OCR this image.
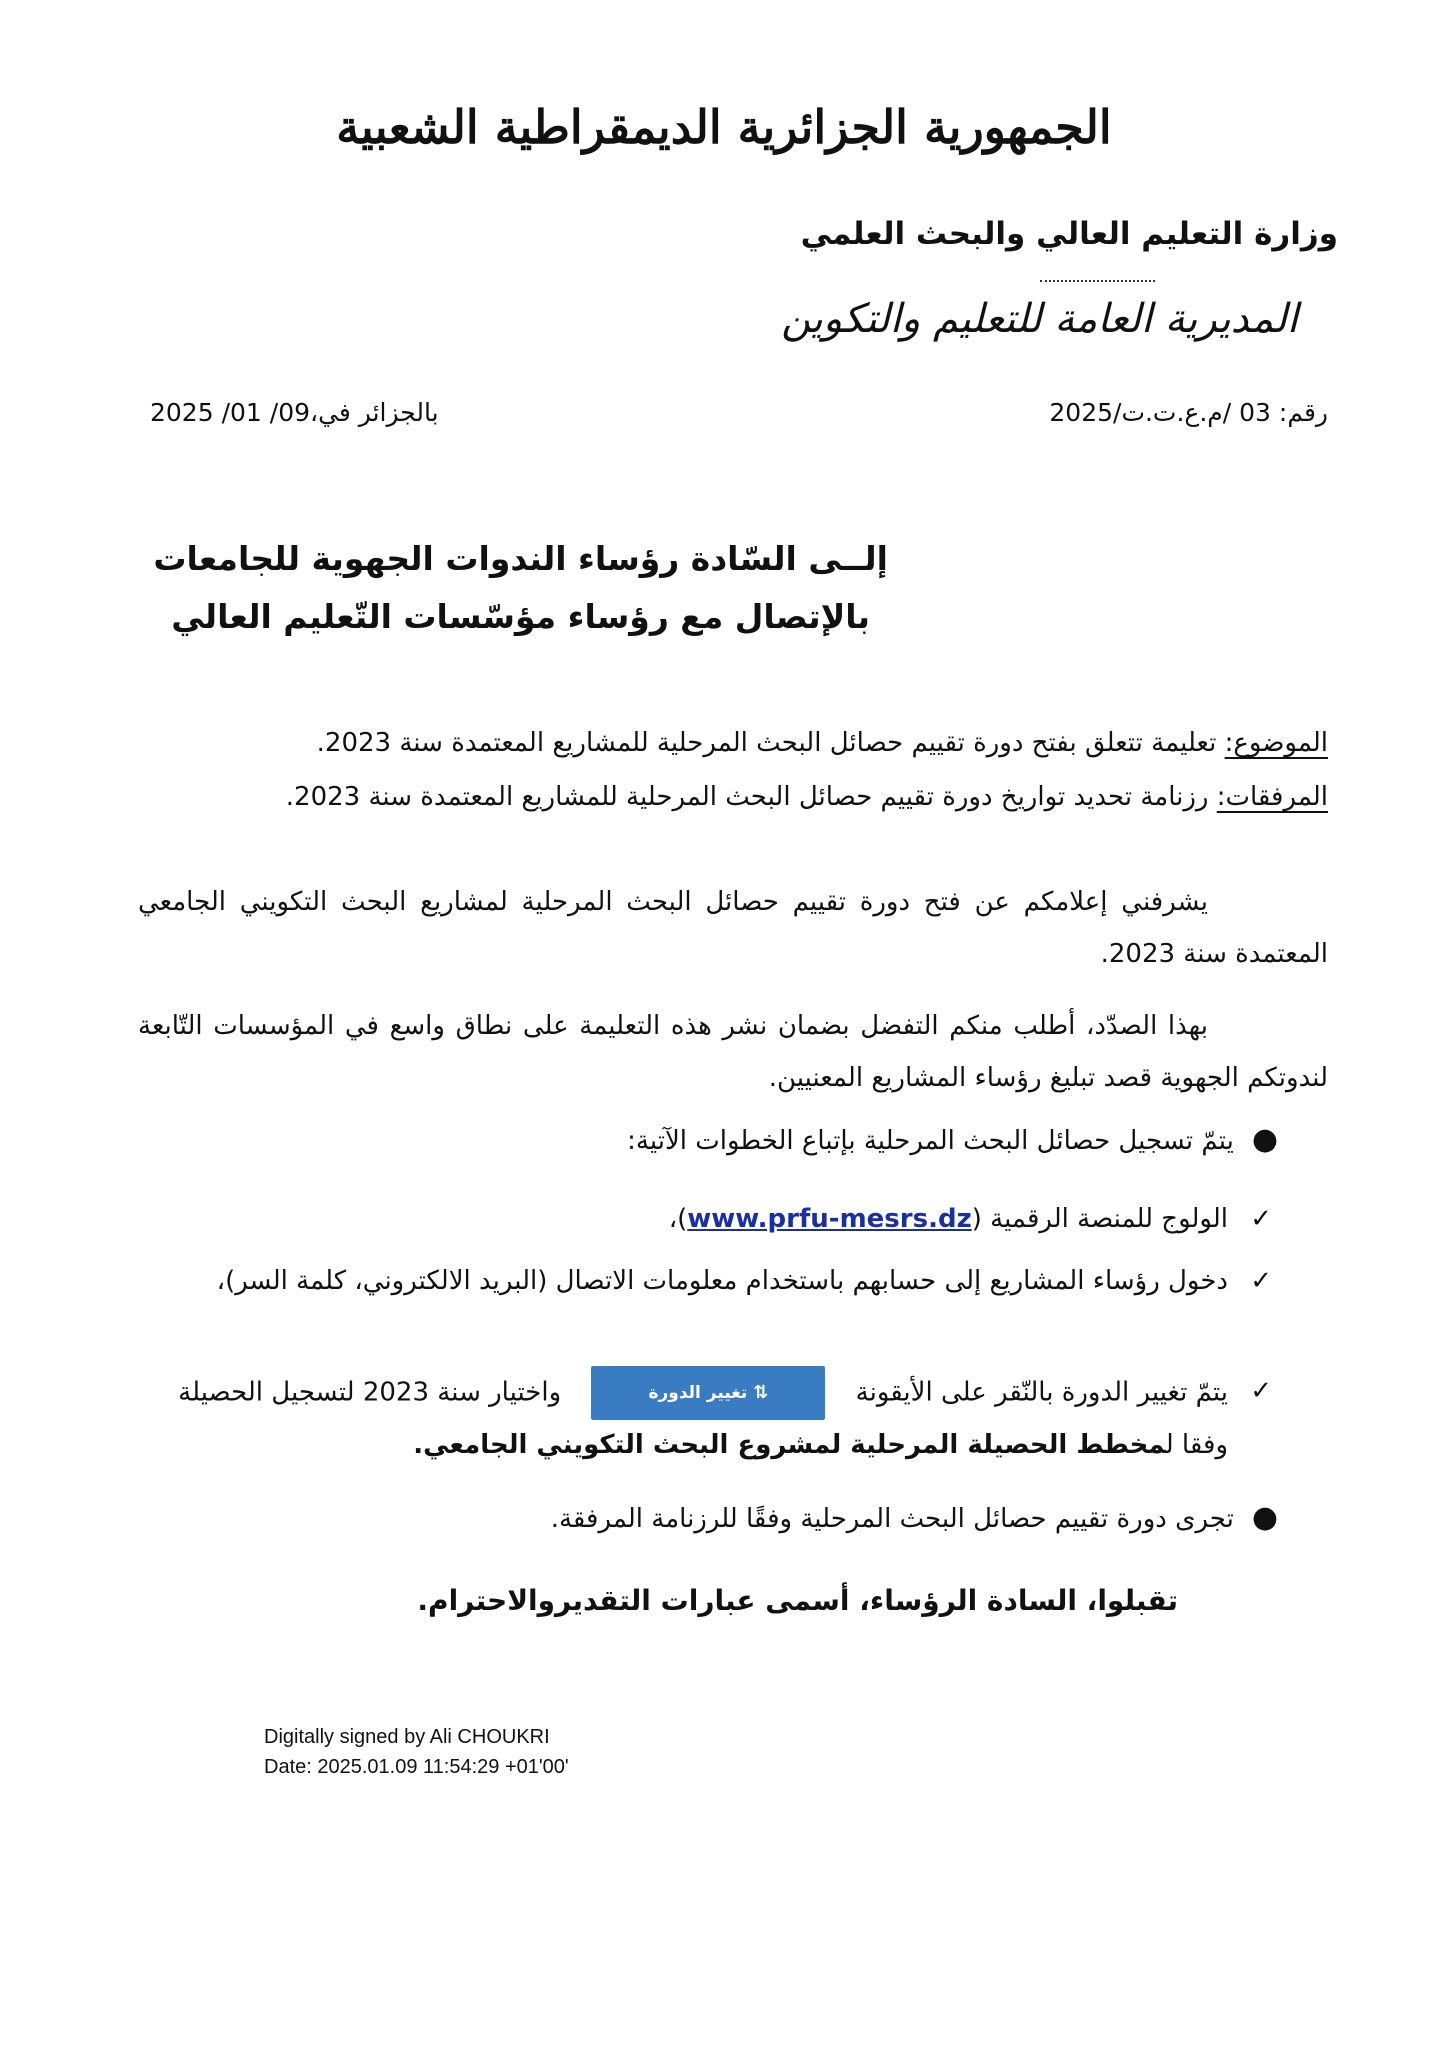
الجمهورية الجزائرية الديمقراطية الشعبية
وزارة التعليم العالي والبحث العلمي
المديرية العامة للتعليم والتكوين
رقم: 03 /م.ع.ت.ت/2025
بالجزائر في،09/ 01/ 2025
إلــى السّادة رؤساء الندوات الجهوية للجامعات
بالإتصال مع رؤساء مؤسّسات التّعليم العالي
الموضوع: تعليمة تتعلق بفتح دورة تقييم حصائل البحث المرحلية للمشاريع المعتمدة سنة 2023.
المرفقات: رزنامة تحديد تواريخ دورة تقييم حصائل البحث المرحلية للمشاريع المعتمدة سنة 2023.
يشرفني إعلامكم عن فتح دورة تقييم حصائل البحث المرحلية لمشاريع البحث التكويني الجامعي المعتمدة سنة 2023.
بهذا الصدّد، أطلب منكم التفضل بضمان نشر هذه التعليمة على نطاق واسع في المؤسسات التّابعة لندوتكم الجهوية قصد تبليغ رؤساء المشاريع المعنيين.
●يتمّ تسجيل حصائل البحث المرحلية بإتباع الخطوات الآتية:
✓
الولوج للمنصة الرقمية (www.prfu-mesrs.dz)،
✓
دخول رؤساء المشاريع إلى حسابهم باستخدام معلومات الاتصال (البريد الالكتروني، كلمة السر)،
✓
يتمّ تغيير الدورة بالنّقر على الأيقونة ⇅تغيير الدورة واختيار سنة 2023 لتسجيل الحصيلة وفقا لمخطط الحصيلة المرحلية لمشروع البحث التكويني الجامعي.
●تجرى دورة تقييم حصائل البحث المرحلية وفقًا للرزنامة المرفقة.
تقبلوا، السادة الرؤساء، أسمى عبارات التقديروالاحترام.
Digitally signed by Ali CHOUKRI
Date: 2025.01.09 11:54:29 +01'00'
